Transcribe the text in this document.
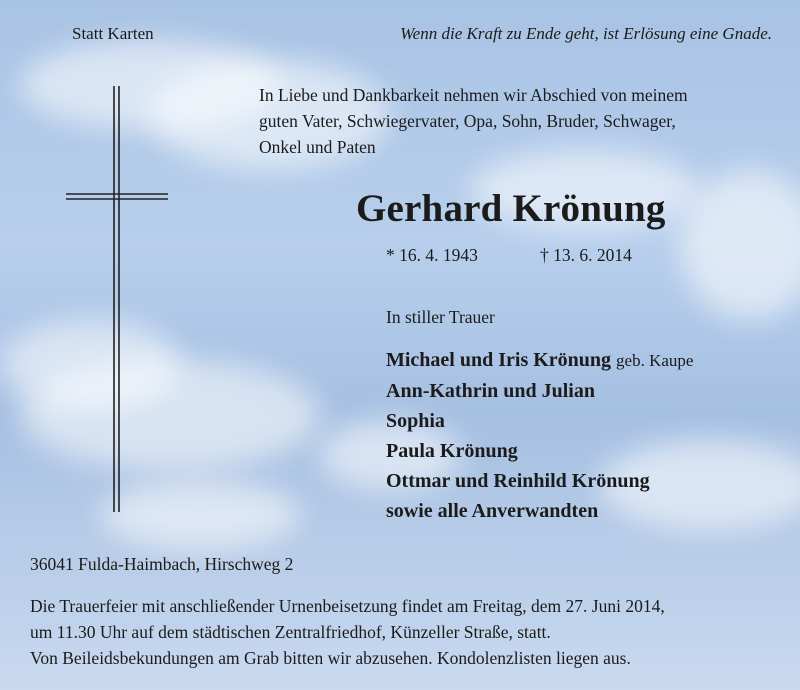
Statt Karten	Wenn die Kraft zu Ende geht, ist Erlösung eine Gnade.
In Liebe und Dankbarkeit nehmen wir Abschied von meinem
guten Vater, Schwiegervater, Opa, Sohn, Bruder, Schwager,
Onkel und Paten
Gerhard Krönung
* 16. 4. 1943	† 13. 6. 2014
In stiller Trauer
Michael und Iris Krönung geb. Kaupe
Ann-Kathrin und Julian
Sophia
Paula Krönung
Ottmar und Reinhild Krönung
sowie alle Anverwandten
36041 Fulda-Haimbach, Hirschweg 2
Die Trauerfeier mit anschließender Urnenbeisetzung findet am Freitag, dem 27. Juni 2014,
um 11.30 Uhr auf dem städtischen Zentralfriedhof, Künzeller Straße, statt.
Von Beileidsbekundungen am Grab bitten wir abzusehen. Kondolenzlisten liegen aus.
